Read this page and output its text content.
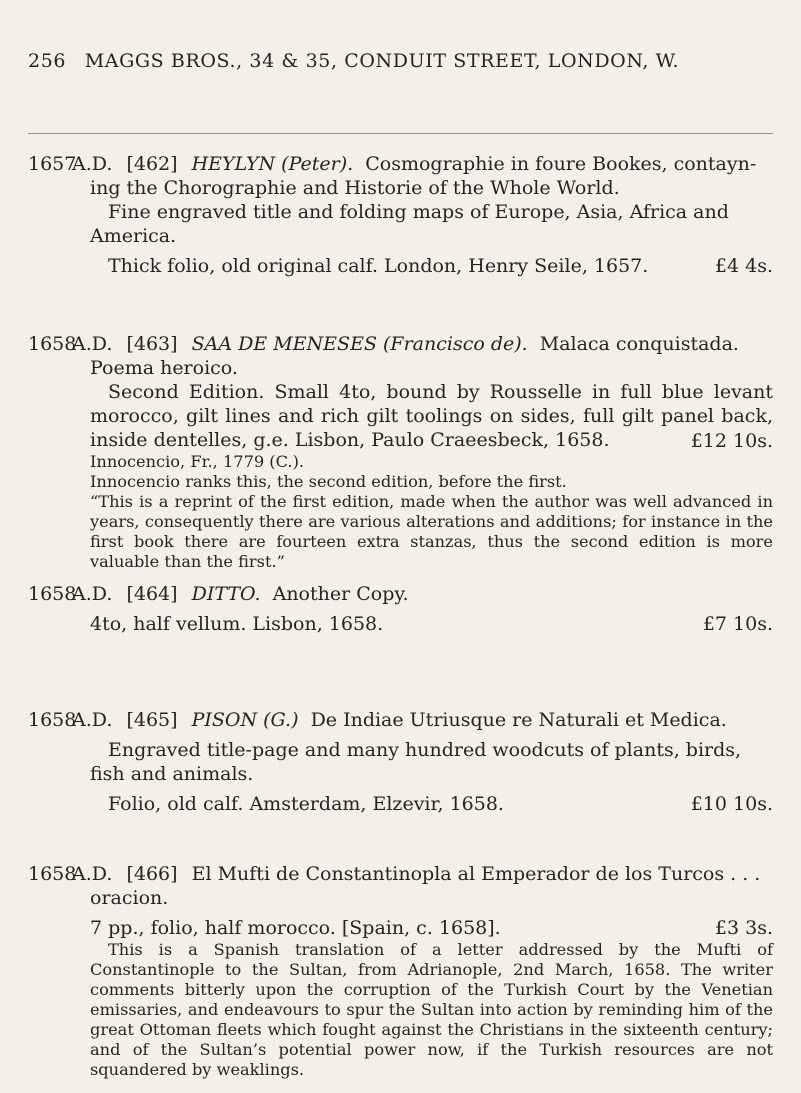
256 MAGGS BROS., 34 & 35, CONDUIT STREET, LONDON, W.
1657 A.D. [462] HEYLYN (Peter). Cosmographie in foure Bookes, contayn-

ing the Chorographie and Historie of the Whole World.

Fine engraved title and folding maps of Europe, Asia, Africa and America.

Thick folio, old original calf. London, Henry Seile, 1657.	£4 4s.
1658 A.D. [463] SAA DE MENESES (Francisco de). Malaca conquistada.

Poema heroico.

Second Edition. Small 4to, bound by Rousselle in full blue levant morocco, gilt lines and rich gilt toolings on sides, full gilt panel back, inside dentelles, g.e. Lisbon, Paulo Craeesbeck, 1658.	£12 10s.

Innocencio, Fr., 1779 (C.).

Innocencio ranks this, the second edition, before the first.

“This is a reprint of the first edition, made when the author was well advanced in years, consequently there are various alterations and additions; for instance in the first book there are fourteen extra stanzas, thus the second edition is more valuable than the first.”

1658 A.D. [464] DITTO. Another Copy.
4to, half vellum. Lisbon, 1658.	£7 10s.
1658 A.D. [465] PISON (G.) De Indiae Utriusque re Naturali et Medica.

Engraved title-page and many hundred woodcuts of plants, birds, fish and animals.

Folio, old calf. Amsterdam, Elzevir, 1658.	£10 10s.
1658 A.D. [466] El Mufti de Constantinopla al Emperador de los Turcos . . .

oracion.

7 pp., folio, half morocco. [Spain, c. 1658].	£3 3s.

This is a Spanish translation of a letter addressed by the Mufti of Constantinople to the Sultan, from Adrianople, 2nd March, 1658. The writer comments bitterly upon the corruption of the Turkish Court by the Venetian emissaries, and endeavours to spur the Sultan into action by reminding him of the great Ottoman fleets which fought against the Christians in the sixteenth century; and of the Sultan’s potential power now, if the Turkish resources are not squandered by weaklings.
